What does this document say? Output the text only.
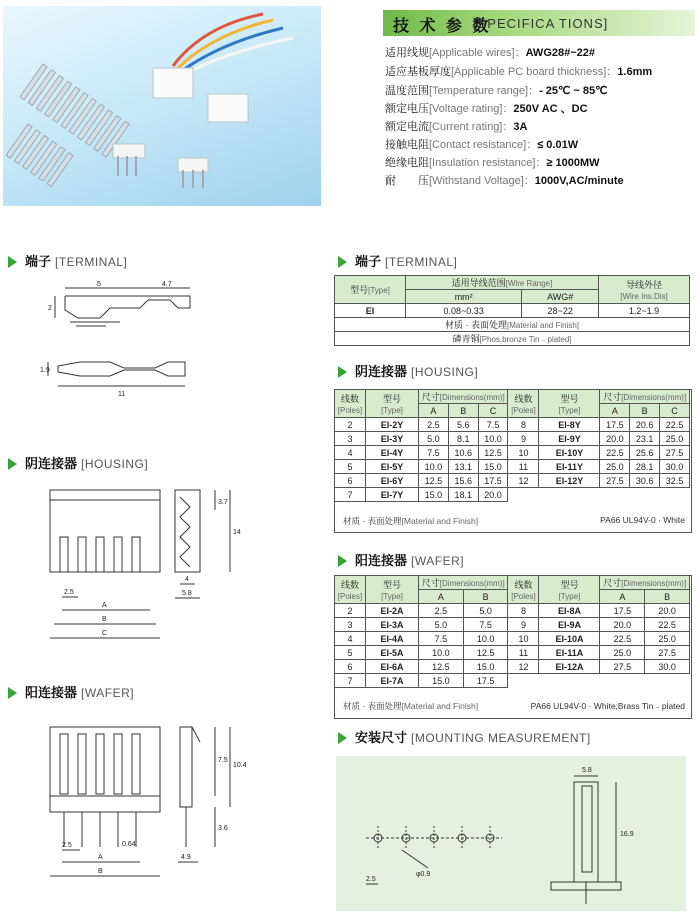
技 术 参 数
[SPECIFICA TIONS]
适用线规[Applicable wires]：AWG28#~22#
适应基板厚度[Applicable PC board thickness]：1.6mm
温度范围[Temperature range]：- 25℃ ~ 85℃
额定电压[Voltage rating]：250V AC 、DC
额定电流[Current rating]：3A
接触电阻[Contact resistance]：≤ 0.01W
绝缘电阻[Insulation resistance]：≥ 1000MW
耐　　压[Withstand Voltage]：1000V,AC/minute
端子 [TERMINAL]
5	4.7
2
1.9
11
阴连接器 [HOUSING]
2.5
A
B
C
3.7
14
4
5.8
阳连接器 [WAFER]
2.5	0.64
A
B
7.5
10.4
3.6
4.9
端子 [TERMINAL]
型号[Type]	适用导线范围[Wire Range]		导线外径
[Wire Ins.Dis]
	mm²	AWG#	
EI	0.08~0.33	28~22	1.2~1.9
材质 · 表面处理[Material and Finish]			
磷青铜[Phos.bronze Tin﹣plated]			
阴连接器 [HOUSING]
线数
[Poles]	型号
[Type]	尺寸[Dimensions(mm)]			线数
[Poles]	型号
[Type]	尺寸[Dimensions(mm)]		
		A	B	C			A	B	C
2	EI-2Y	2.5	5.6	7.5	8	EI-8Y	17.5	20.6	22.5
3	EI-3Y	5.0	8.1	10.0	9	EI-9Y	20.0	23.1	25.0
4	EI-4Y	7.5	10.6	12.5	10	EI-10Y	22.5	25.6	27.5
5	EI-5Y	10.0	13.1	15.0	11	EI-11Y	25.0	28.1	30.0
6	EI-6Y	12.5	15.6	17.5	12	EI-12Y	27.5	30.6	32.5
7	EI-7Y	15.0	18.1	20.0					
材质 · 表面处理[Material and Finish]	PA66 UL94V-0 · White
阳连接器 [WAFER]
线数
[Poles]	型号
[Type]	尺寸[Dimensions(mm)]		线数
[Poles]	型号
[Type]	尺寸[Dimensions(mm)]	
		A	B			A	B
2	EI-2A	2.5	5.0	8	EI-8A	17.5	20.0
3	EI-3A	5.0	7.5	9	EI-9A	20.0	22.5
4	EI-4A	7.5	10.0	10	EI-10A	22.5	25.0
5	EI-5A	10.0	12.5	11	EI-11A	25.0	27.5
6	EI-6A	12.5	15.0	12	EI-12A	27.5	30.0
7	EI-7A	15.0	17.5				
材质 · 表面处理[Material and Finish]	PA66 UL94V-0 · White;Brass Tin﹣plated
安装尺寸 [MOUNTING MEASUREMENT]
φ0.9
2.5
5.8
16.9
